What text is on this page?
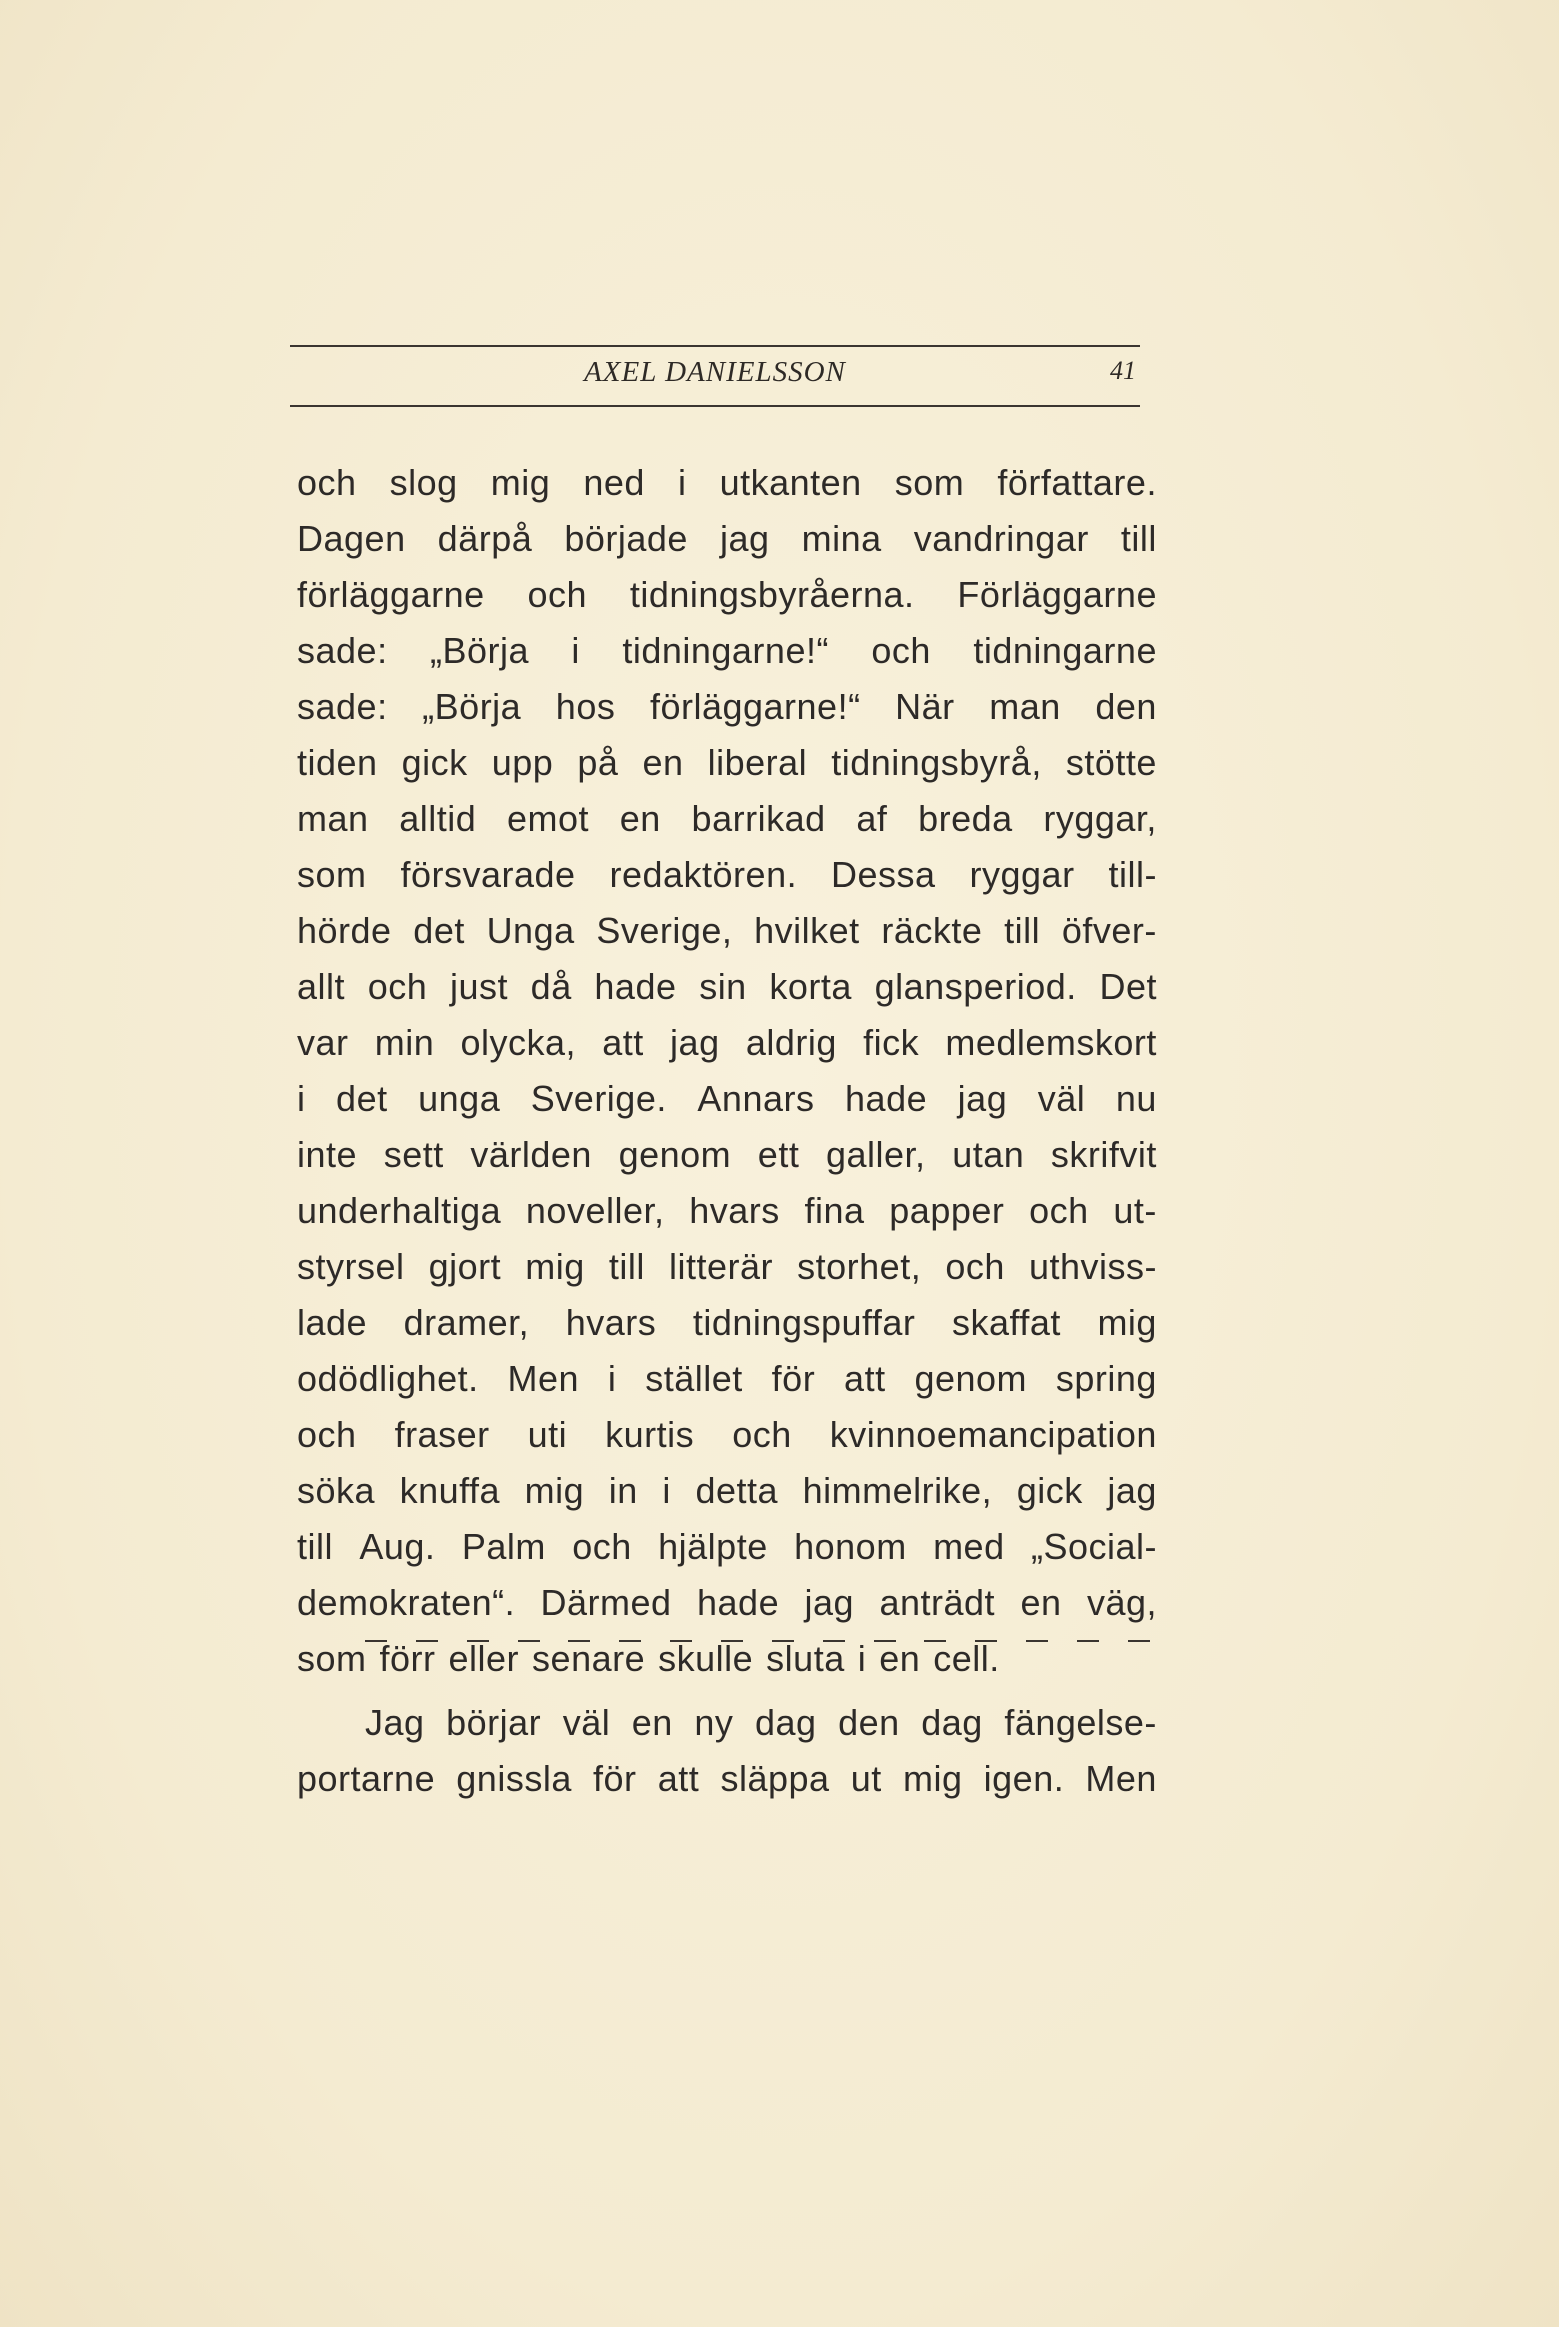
AXEL DANIELSSON	41
och slog mig ned i utkanten som författare.
Dagen därpå började jag mina vandringar till
förläggarne och tidningsbyråerna. Förläggarne
sade: „Börja i tidningarne!“ och tidningarne
sade: „Börja hos förläggarne!“ När man den
tiden gick upp på en liberal tidningsbyrå, stötte
man alltid emot en barrikad af breda ryggar,
som försvarade redaktören. Dessa ryggar till-
hörde det Unga Sverige, hvilket räckte till öfver-
allt och just då hade sin korta glansperiod. Det
var min olycka, att jag aldrig fick medlemskort
i det unga Sverige. Annars hade jag väl nu
inte sett världen genom ett galler, utan skrifvit
underhaltiga noveller, hvars fina papper och ut-
styrsel gjort mig till litterär storhet, och uthviss-
lade dramer, hvars tidningspuffar skaffat mig
odödlighet. Men i stället för att genom spring
och fraser uti kurtis och kvinnoemancipation
söka knuffa mig in i detta himmelrike, gick jag
till Aug. Palm och hjälpte honom med „Social-
demokraten“. Därmed hade jag anträdt en väg,
som förr eller senare skulle sluta i en cell.
Jag börjar väl en ny dag den dag fängelse-
portarne gnissla för att släppa ut mig igen. Men
